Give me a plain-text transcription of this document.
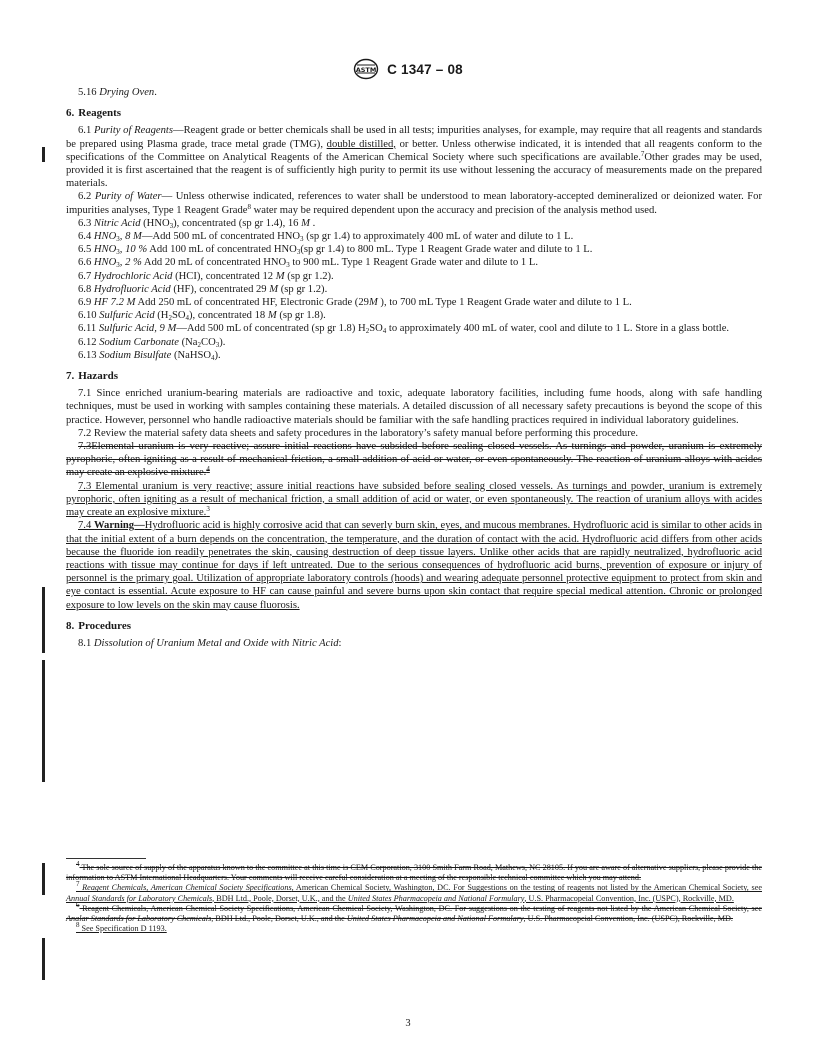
ASTM C 1347 – 08

5.16 Drying Oven.

6. Reagents

6.1 Purity of Reagents—Reagent grade or better chemicals shall be used in all tests; impurities analyses, for example, may require that all reagents and standards be prepared using Plasma grade, trace metal grade (TMG), double distilled, or better. Unless otherwise indicated, it is intended that all reagents conform to the specifications of the Committee on Analytical Reagents of the American Chemical Society where such specifications are available.$^7$Other grades may be used, provided it is first ascertained that the reagent is of sufficiently high purity to permit its use without lessening the accuracy of measurements made on the prepared materials.

6.2 Purity of Water— Unless otherwise indicated, references to water shall be understood to mean laboratory-accepted demineralized or deionized water. For impurities analyses, Type 1 Reagent Grade$^8$ water may be required dependent upon the accuracy and precision of the analysis method used.

6.3 Nitric Acid $(HNO_3)$, concentrated (sp gr 1.4), 16 M .

6.4 $HNO_3$, 8 M—Add 500 mL of concentrated $HNO_3$ (sp gr 1.4) to approximately 400 mL of water and dilute to 1 L.

6.5 $HNO_3$, 10 % Add 100 mL of concentrated $HNO_3(sp$ gr 1.4) to 800 mL. Type 1 Reagent Grade water and dilute to 1 L.

6.6 $HNO_3$, 2 % Add 20 mL of concentrated $HNO_3$ to 900 mL. Type 1 Reagent Grade water and dilute to 1 L.

6.7 Hydrochloric Acid (HCI), concentrated 12 M (sp gr 1.2).

6.8 Hydrofluoric Acid (HF), concentrated 29 M (sp gr 1.2).

6.9 HF 7.2 M Add 250 mL of concentrated HF, Electronic Grade (29M ), to 700 mL Type 1 Reagent Grade water and dilute to 1 L.

6.10 Sulfuric Acid $(H_2SO_4)$, concentrated 18 M (sp gr 1.8).

6.11 Sulfuric Acid, 9 M—Add 500 mL of concentrated (sp gr 1.8) $H_2SO_4$ to approximately 400 mL of water, cool and dilute to 1 L. Store in a glass bottle.

6.12 Sodium Carbonate $(Na_2CO_3)$.

6.13 Sodium Bisulfate (NaHSO$_4$).

7. Hazards

7.1 Since enriched uranium-bearing materials are radioactive and toxic, adequate laboratory facilities, including fume hoods, along with safe handling techniques, must be used in working with samples containing these materials. A detailed discussion of all necessary safety precautions is beyond the scope of this practice. However, personnel who handle radioactive materials should be familiar with the safe handling practices required in individual laboratory guidelines.

7.2 Review the material safety data sheets and safety procedures in the laboratory’s safety manual before performing this procedure.

7.3Elemental uranium is very reactive; assure initial reactions have subsided before sealing closed vessels. As turnings and powder, uranium is extremely pyrophoric, often igniting as a result of mechanical friction, a small addition of acid or water, or even spontaneously. The reaction of uranium alloys with acides may create an explosive mixture.$^4$

7.3 Elemental uranium is very reactive; assure initial reactions have subsided before sealing closed vessels. As turnings and powder, uranium is extremely pyrophoric, often igniting as a result of mechanical friction, a small addition of acid or water, or even spontaneously. The reaction of uranium alloys with acides may create an explosive mixture.$^3$

7.4 Warning—Hydrofluoric acid is highly corrosive acid that can severly burn skin, eyes, and mucous membranes. Hydrofluoric acid is similar to other acids in that the initial extent of a burn depends on the concentration, the temperature, and the duration of contact with the acid. Hydrofluoric acid differs from other acids because the fluoride ion readily penetrates the skin, causing destruction of deep tissue layers. Unlike other acids that are rapidly neutralized, hydrofluoric acid reactions with tissue may continue for days if left untreated. Due to the serious consequences of hydrofluoric acid burns, prevention of exposure or injury of personnel is the primary goal. Utilization of appropriate laboratory controls (hoods) and wearing adequate personnel protective equipment to protect from skin and eye contact is essential. Acute exposure to HF can cause painful and severe burns upon skin contact that require special medical attention. Chronic or prolonged exposure to low levels on the skin may cause fluorosis.

8. Procedures

8.1 Dissolution of Uranium Metal and Oxide with Nitric Acid:

$^4$ The sole source of supply of the apparatus known to the committee at this time is CEM Corporation, 3100 Smith Farm Road, Mathews, NC 28105. If you are aware of alternative suppliers, please provide the information to ASTM International Headquarters. Your comments will receive careful consideration at a meeting of the responsible technical committee which you may attend.

$^7$ Reagent Chemicals, American Chemical Society Specifications, American Chemical Society, Washington, DC. For Suggestions on the testing of reagents not listed by the American Chemical Society, see Annual Standards for Laboratory Chemicals, BDH Ltd., Poole, Dorset, U.K., and the United States Pharmacopeia and National Formulary, U.S. Pharmacopeial Convention, Inc. (USPC), Rockville, MD.

$^6$ Reagent Chemicals, American Chemical Society Specifications, American Chemical Society, Washington, DC. For suggestions on the testing of reagents not listed by the American Chemical Society, see Analar Standards for Laboratory Chemicals, BDH Ltd., Poole, Dorset, U.K., and the United States Pharmacopeia and National Formulary, U.S. Pharmacopeial Convention, Inc. (USPC), Rockville, MD.

$^8$ See Specification D 1193.

3
